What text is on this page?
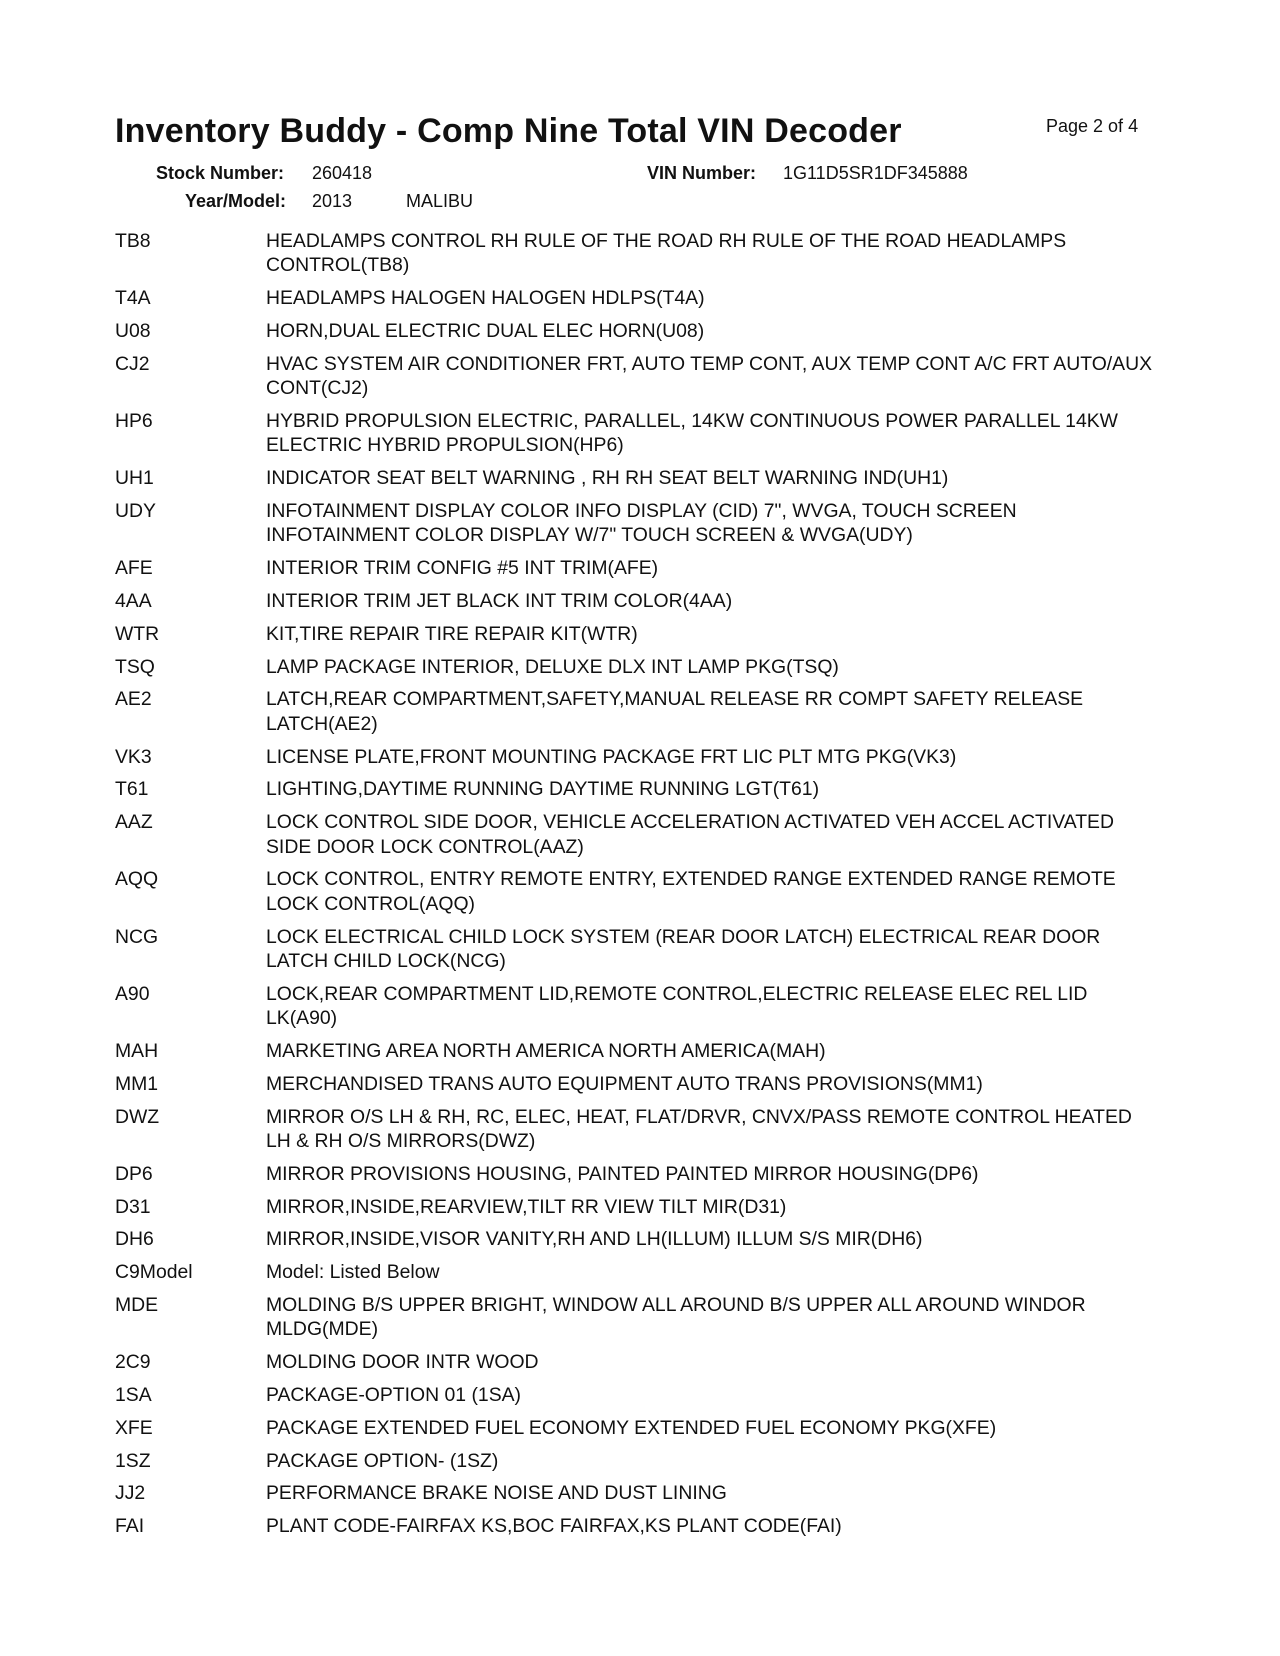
Inventory Buddy - Comp Nine Total VIN Decoder	Page 2 of 4
Stock Number: 260418	VIN Number: 1G11D5SR1DF345888
Year/Model: 2013	MALIBU
TB8	HEADLAMPS CONTROL RH RULE OF THE ROAD RH RULE OF THE ROAD HEADLAMPS CONTROL(TB8)
T4A	HEADLAMPS HALOGEN HALOGEN HDLPS(T4A)
U08	HORN,DUAL ELECTRIC DUAL ELEC HORN(U08)
CJ2	HVAC SYSTEM AIR CONDITIONER FRT, AUTO TEMP CONT, AUX TEMP CONT A/C FRT AUTO/AUX CONT(CJ2)
HP6	HYBRID PROPULSION ELECTRIC, PARALLEL, 14KW CONTINUOUS POWER PARALLEL 14KW ELECTRIC HYBRID PROPULSION(HP6)
UH1	INDICATOR SEAT BELT WARNING , RH RH SEAT BELT WARNING IND(UH1)
UDY	INFOTAINMENT DISPLAY COLOR INFO DISPLAY (CID) 7", WVGA, TOUCH SCREEN INFOTAINMENT COLOR DISPLAY W/7" TOUCH SCREEN & WVGA(UDY)
AFE	INTERIOR TRIM CONFIG #5 INT TRIM(AFE)
4AA	INTERIOR TRIM JET BLACK INT TRIM COLOR(4AA)
WTR	KIT,TIRE REPAIR TIRE REPAIR KIT(WTR)
TSQ	LAMP PACKAGE INTERIOR, DELUXE DLX INT LAMP PKG(TSQ)
AE2	LATCH,REAR COMPARTMENT,SAFETY,MANUAL RELEASE RR COMPT SAFETY RELEASE LATCH(AE2)
VK3	LICENSE PLATE,FRONT MOUNTING PACKAGE FRT LIC PLT MTG PKG(VK3)
T61	LIGHTING,DAYTIME RUNNING DAYTIME RUNNING LGT(T61)
AAZ	LOCK CONTROL SIDE DOOR, VEHICLE ACCELERATION ACTIVATED VEH ACCEL ACTIVATED SIDE DOOR LOCK CONTROL(AAZ)
AQQ	LOCK CONTROL, ENTRY REMOTE ENTRY, EXTENDED RANGE EXTENDED RANGE REMOTE LOCK CONTROL(AQQ)
NCG	LOCK ELECTRICAL CHILD LOCK SYSTEM (REAR DOOR LATCH) ELECTRICAL REAR DOOR LATCH CHILD LOCK(NCG)
A90	LOCK,REAR COMPARTMENT LID,REMOTE CONTROL,ELECTRIC RELEASE ELEC REL LID LK(A90)
MAH	MARKETING AREA NORTH AMERICA NORTH AMERICA(MAH)
MM1	MERCHANDISED TRANS AUTO EQUIPMENT AUTO TRANS PROVISIONS(MM1)
DWZ	MIRROR O/S LH & RH, RC, ELEC, HEAT, FLAT/DRVR, CNVX/PASS REMOTE CONTROL HEATED LH & RH O/S MIRRORS(DWZ)
DP6	MIRROR PROVISIONS HOUSING, PAINTED PAINTED MIRROR HOUSING(DP6)
D31	MIRROR,INSIDE,REARVIEW,TILT RR VIEW TILT MIR(D31)
DH6	MIRROR,INSIDE,VISOR VANITY,RH AND LH(ILLUM) ILLUM S/S MIR(DH6)
C9Model	Model: Listed Below
MDE	MOLDING B/S UPPER BRIGHT, WINDOW ALL AROUND B/S UPPER ALL AROUND WINDOR MLDG(MDE)
2C9	MOLDING DOOR INTR WOOD
1SA	PACKAGE-OPTION 01 (1SA)
XFE	PACKAGE EXTENDED FUEL ECONOMY EXTENDED FUEL ECONOMY PKG(XFE)
1SZ	PACKAGE OPTION- (1SZ)
JJ2	PERFORMANCE BRAKE NOISE AND DUST LINING
FAI	PLANT CODE-FAIRFAX KS,BOC FAIRFAX,KS PLANT CODE(FAI)
